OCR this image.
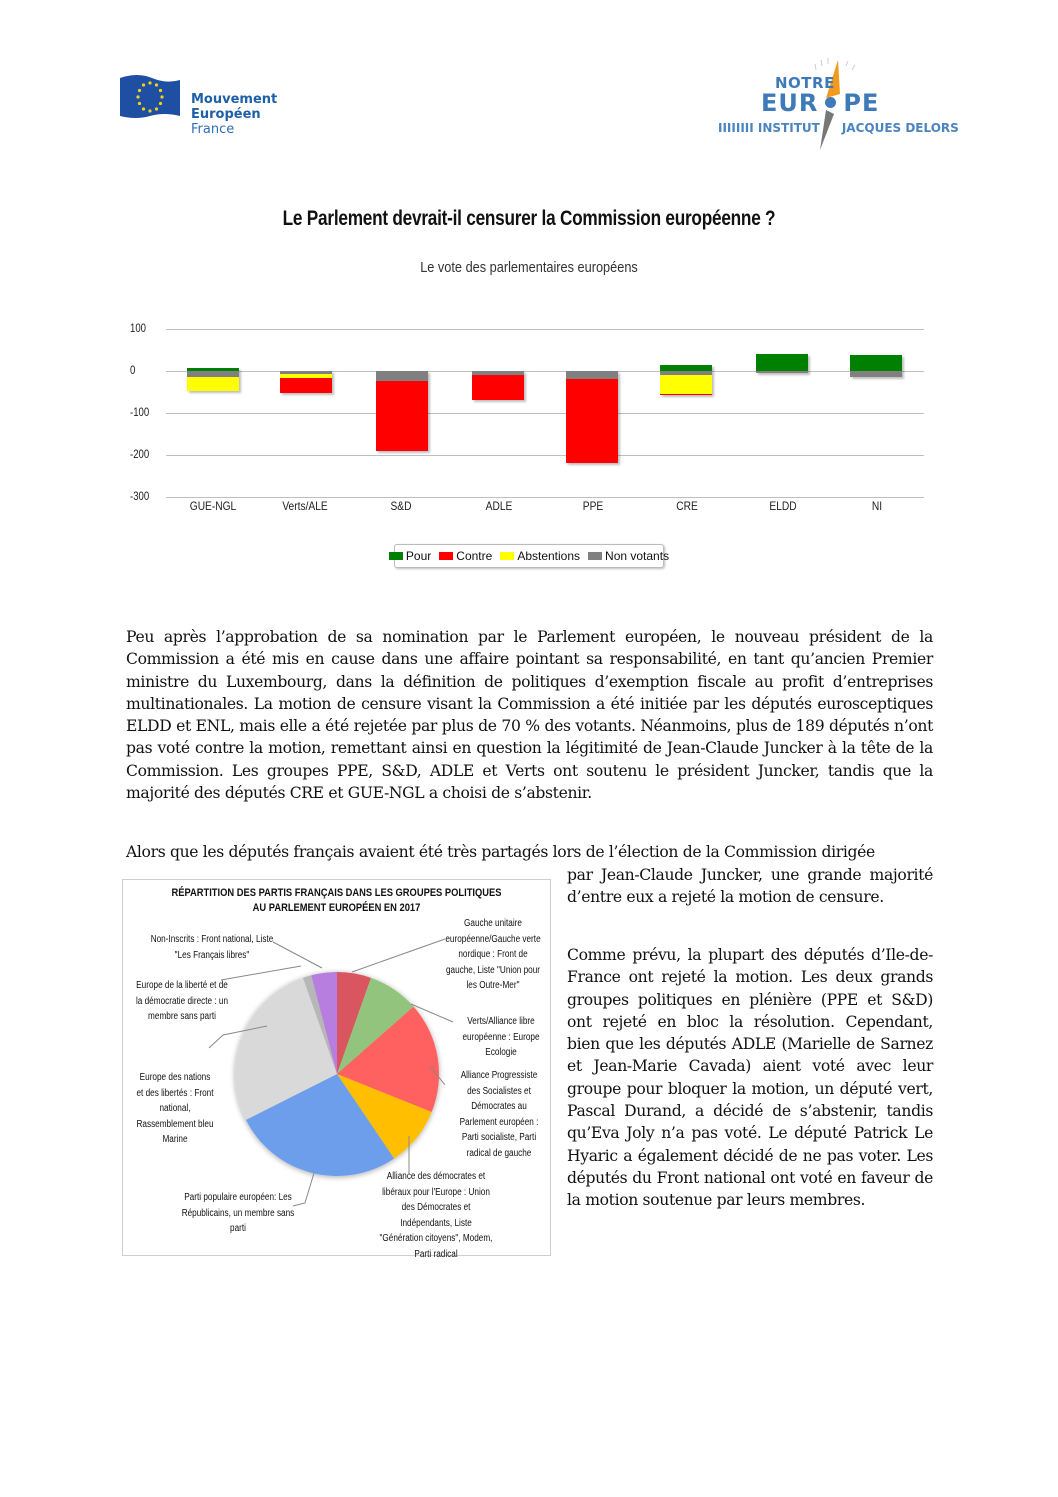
Mouvement
Européen
France
NOTRE
EUR PE
IIIIIIII INSTITUT JACQUES DELORS
Le Parlement devrait-il censurer la Commission européenne ?
Le vote des parlementaires européens
100
0
-100
-200
-300
GUE-NGL	Verts/ALE	S&D	ADLE	PPE	CRE	ELDD	NI
Pour Contre Abstentions Non votants
Peu après l’approbation de sa nomination par le Parlement européen, le nouveau président de la Commission a été mis en cause dans une affaire pointant sa responsabilité, en tant qu’ancien Premier ministre du Luxembourg, dans la définition de politiques d’exemption fiscale au profit d’entreprises multinationales. La motion de censure visant la Commission a été initiée par les députés eurosceptiques ELDD et ENL, mais elle a été rejetée par plus de 70 % des votants. Néanmoins, plus de 189 députés n’ont pas voté contre la motion, remettant ainsi en question la légitimité de Jean-Claude Juncker à la tête de la Commission. Les groupes PPE, S&D, ADLE et Verts ont soutenu le président Juncker, tandis que la majorité des députés CRE et GUE-NGL a choisi de s’abstenir.
Alors que les députés français avaient été très partagés lors de l’élection de la Commission dirigée
par Jean-Claude Juncker, une grande majorité d’entre eux a rejeté la motion de censure.
Comme prévu, la plupart des députés d’Ile-de-France ont rejeté la motion. Les deux grands groupes politiques en plénière (PPE et S&D) ont rejeté en bloc la résolution. Cependant, bien que les députés ADLE (Marielle de Sarnez et Jean-Marie Cavada) aient voté avec leur groupe pour bloquer la motion, un député vert, Pascal Durand, a décidé de s’abstenir, tandis qu’Eva Joly n’a pas voté. Le député Patrick Le Hyaric a également décidé de ne pas voter. Les députés du Front national ont voté en faveur de la motion soutenue par leurs membres.
RÉPARTITION DES PARTIS FRANÇAIS DANS LES GROUPES POLITIQUES
AU PARLEMENT EUROPÉEN EN 2017
Non-Inscrits : Front national, Liste "Les Français libres"
Gauche unitaire européenne/Gauche verte nordique : Front de gauche, Liste "Union pour les Outre-Mer"
Europe de la liberté et de la démocratie directe : un membre sans parti	Verts/Alliance libre européenne : Europe Ecologie
Alliance Progressiste des Socialistes et Démocrates au Parlement européen : Parti socialiste, Parti radical de gauche
Europe des nations et des libertés : Front national, Rassemblement bleu Marine
Alliance des démocrates et libéraux pour l'Europe : Union des Démocrates et Indépendants, Liste "Génération citoyens", Modem, Parti radical
Parti populaire européen: Les Républicains, un membre sans parti
